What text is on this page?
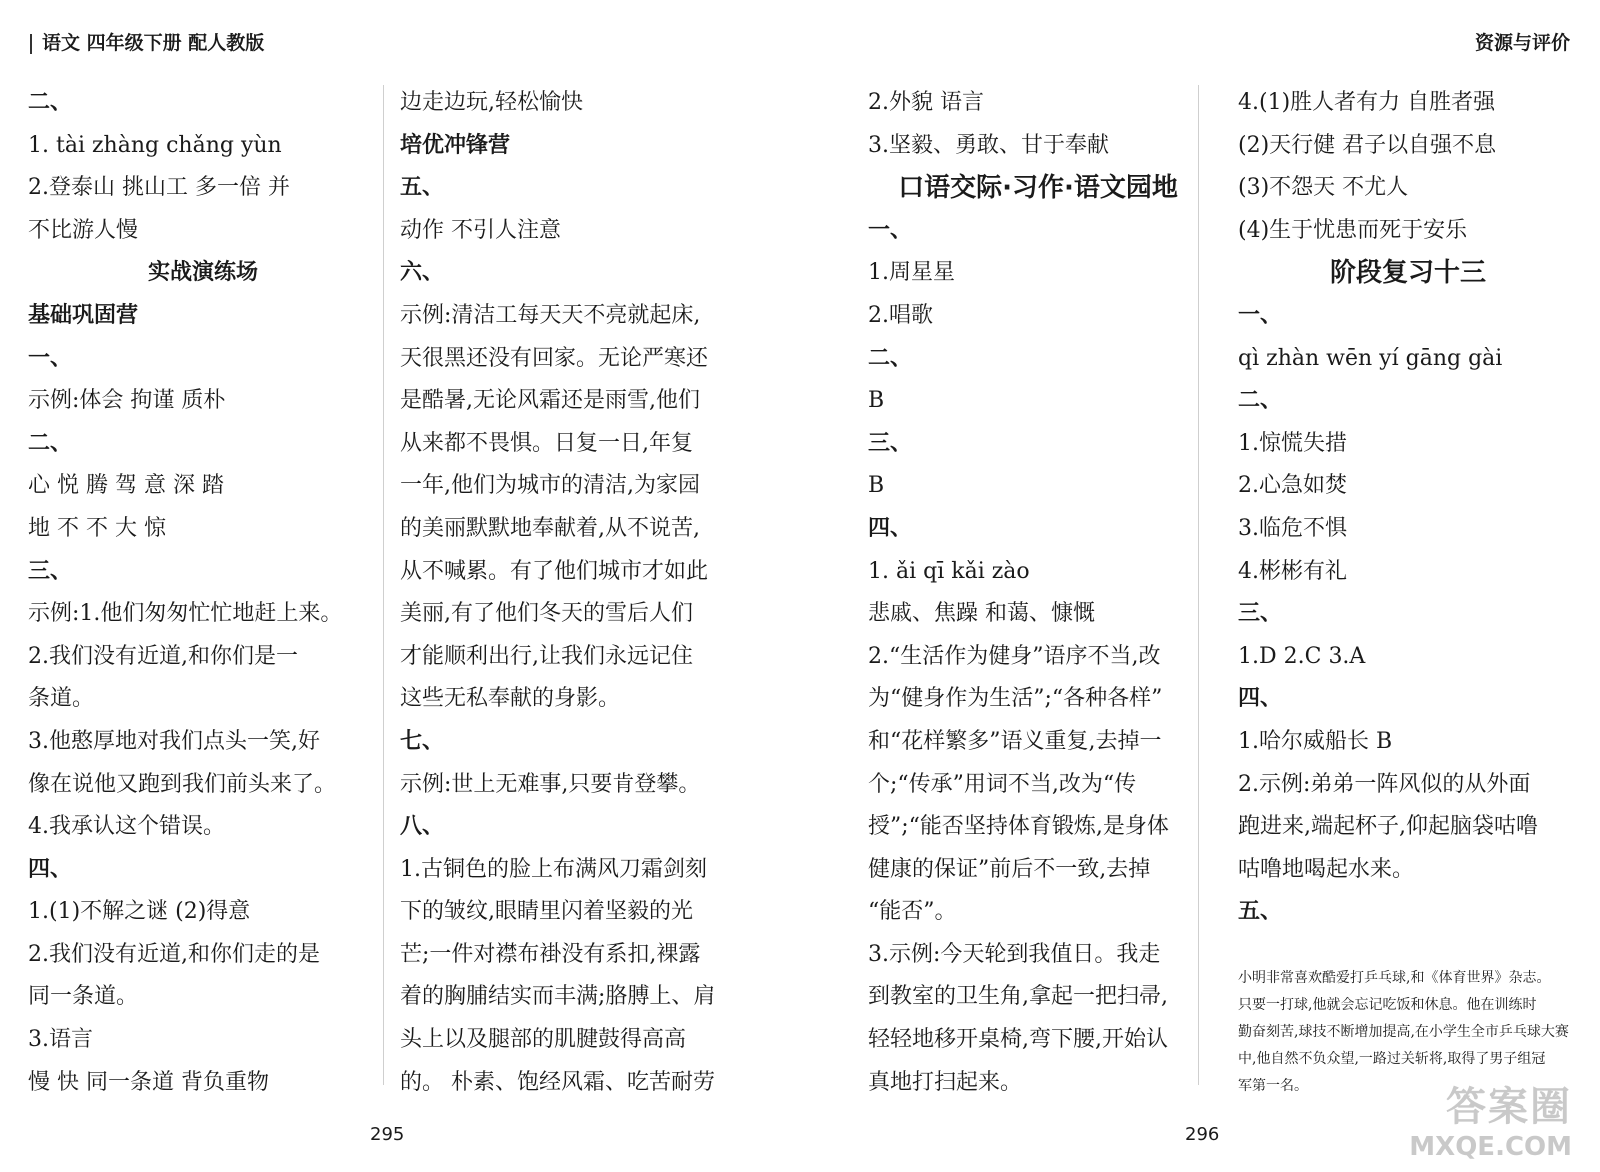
语文 四年级下册 配人教版	资源与评价

二、

1. tài zhàng chǎng yùn

2.登泰山 挑山工 多一倍 并

不比游人慢

实战演练场

基础巩固营

一、

示例:体会 拘谨 质朴

二、

心 悦 腾 驾 意 深 踏

地 不 不 大 惊

三、

示例:1.他们匆匆忙忙地赶上来。

2.我们没有近道,和你们是一

条道。

3.他憨厚地对我们点头一笑,好

像在说他又跑到我们前头来了。

4.我承认这个错误。

四、

1.(1)不解之谜 (2)得意

2.我们没有近道,和你们走的是

同一条道。

3.语言

慢 快 同一条道 背负重物

边走边玩,轻松愉快

培优冲锋营

五、

动作 不引人注意

六、

示例:清洁工每天天不亮就起床,

天很黑还没有回家。无论严寒还

是酷暑,无论风霜还是雨雪,他们

从来都不畏惧。日复一日,年复

一年,他们为城市的清洁,为家园

的美丽默默地奉献着,从不说苦,

从不喊累。有了他们城市才如此

美丽,有了他们冬天的雪后人们

才能顺利出行,让我们永远记住

这些无私奉献的身影。

七、

示例:世上无难事,只要肯登攀。

八、

1.古铜色的脸上布满风刀霜剑刻

下的皱纹,眼睛里闪着坚毅的光

芒;一件对襟布褂没有系扣,裸露

着的胸脯结实而丰满;胳膊上、肩

头上以及腿部的肌腱鼓得高高

的。 朴素、饱经风霜、吃苦耐劳

2.外貌 语言

3.坚毅、勇敢、甘于奉献

口语交际·习作·语文园地

一、

1.周星星

2.唱歌

二、

B

三、

B

四、

1. ǎi qī kǎi zào

悲戚、焦躁 和蔼、慷慨

2.“生活作为健身”语序不当,改

为“健身作为生活”;“各种各样”

和“花样繁多”语义重复,去掉一

个;“传承”用词不当,改为“传

授”;“能否坚持体育锻炼,是身体

健康的保证”前后不一致,去掉

“能否”。

3.示例:今天轮到我值日。我走

到教室的卫生角,拿起一把扫帚,

轻轻地移开桌椅,弯下腰,开始认

真地打扫起来。

4.(1)胜人者有力 自胜者强

(2)天行健 君子以自强不息

(3)不怨天 不尤人

(4)生于忧患而死于安乐

阶段复习十三

一、

qì zhàn wēn yí gāng gài

二、

1.惊慌失措

2.心急如焚

3.临危不惧

4.彬彬有礼

三、

1.D 2.C 3.A

四、

1.哈尔威船长 B

2.示例:弟弟一阵风似的从外面

跑进来,端起杯子,仰起脑袋咕噜

咕噜地喝起水来。

五、

小明非常喜欢酷爱打乒乓球,和《体育世界》杂志。

只要一打球,他就会忘记吃饭和休息。他在训练时

勤奋刻苦,球技不断增加提高,在小学生全市乒乓球大赛

中,他自然不负众望,一路过关斩将,取得了男子组冠

军第一名。

295	296
答案圈
MXQE.COM
